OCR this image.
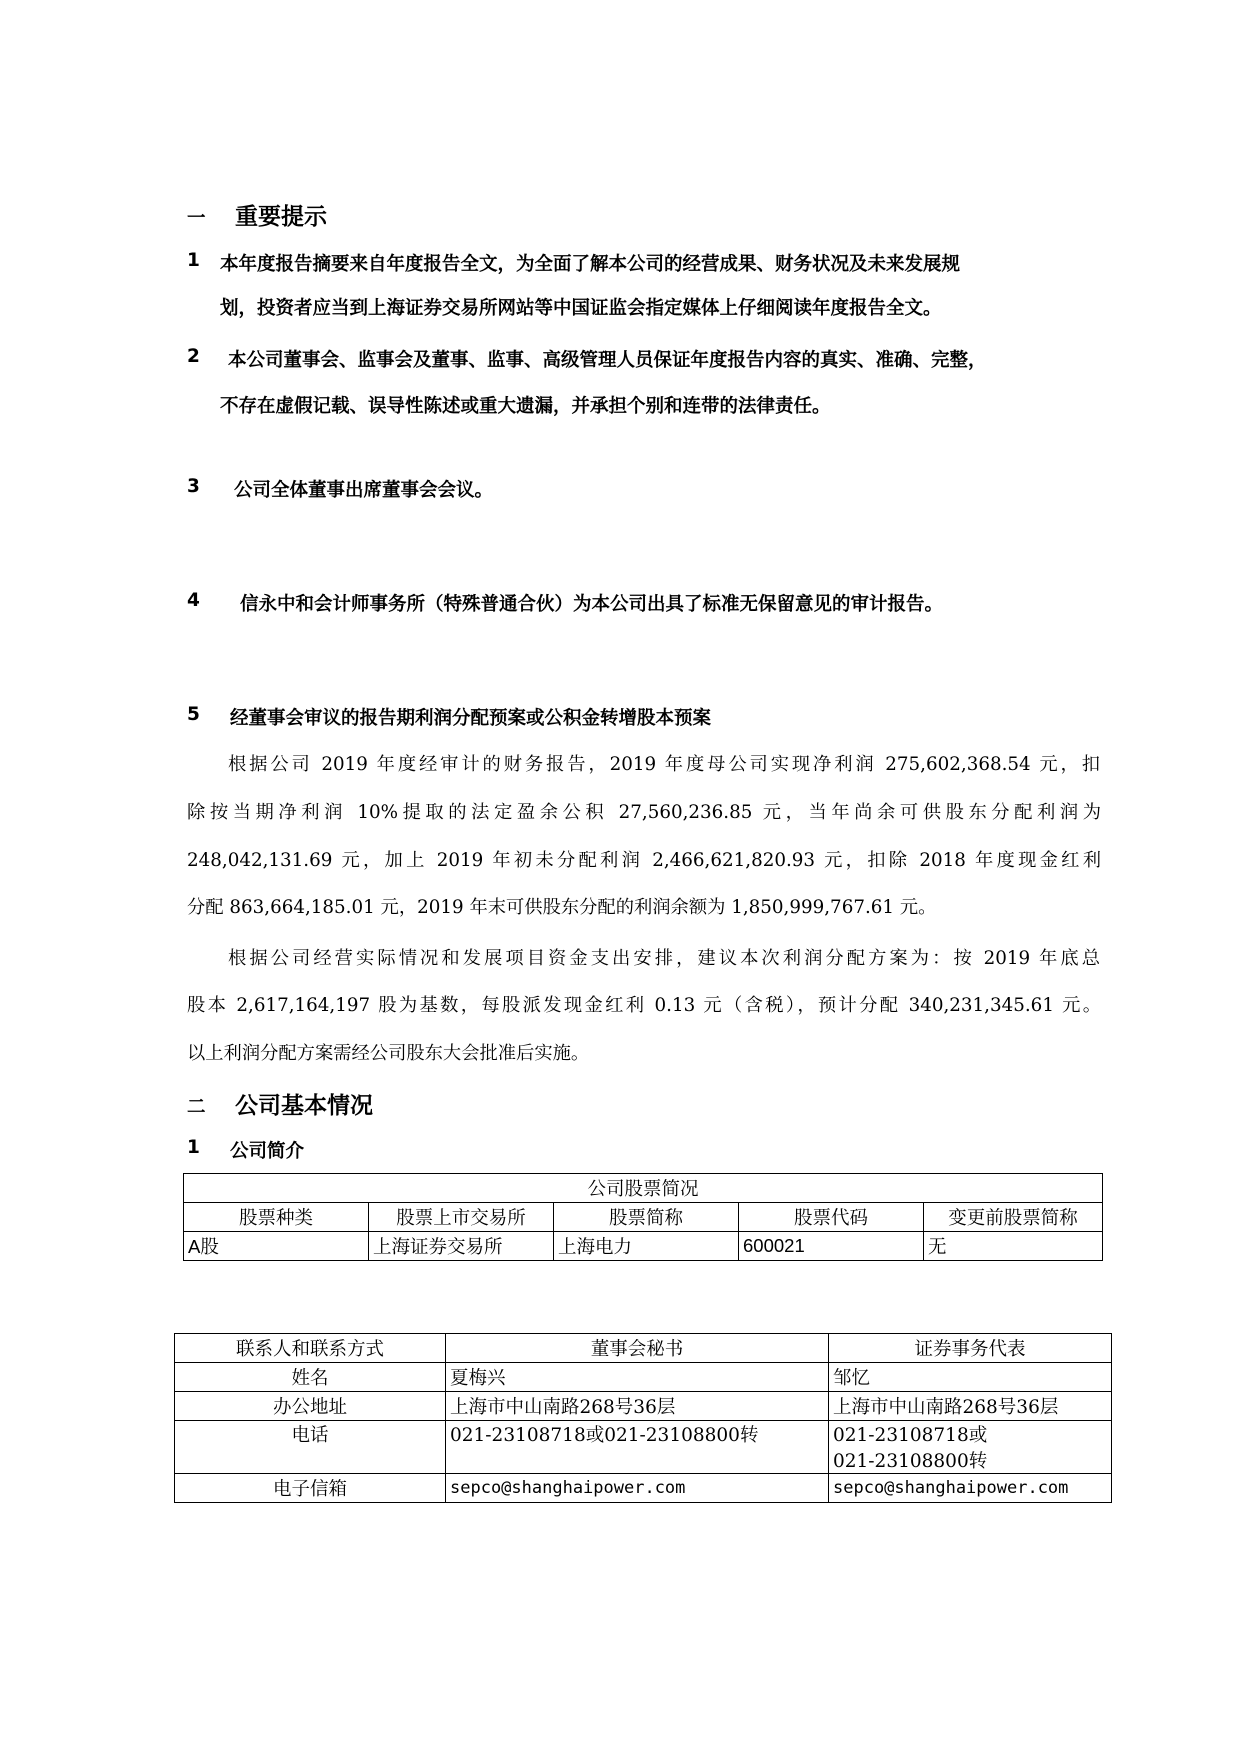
一 重要提示
1 本年度报告摘要来自年度报告全文，为全面了解本公司的经营成果、财务状况及未来发展规
划，投资者应当到上海证券交易所网站等中国证监会指定媒体上仔细阅读年度报告全文。
2 本公司董事会、监事会及董事、监事、高级管理人员保证年度报告内容的真实、准确、完整，
不存在虚假记载、误导性陈述或重大遗漏，并承担个别和连带的法律责任。
3 公司全体董事出席董事会会议。
4 信永中和会计师事务所（特殊普通合伙）为本公司出具了标准无保留意见的审计报告。
5 经董事会审议的报告期利润分配预案或公积金转增股本预案
根据公司 2019 年度经审计的财务报告，2019 年度母公司实现净利润 275,602,368.54 元，扣
除按当期净利润 10%提取的法定盈余公积 27,560,236.85 元，当年尚余可供股东分配利润为
248,042,131.69 元，加上 2019 年初未分配利润 2,466,621,820.93 元，扣除 2018 年度现金红利
分配 863,664,185.01 元，2019 年末可供股东分配的利润余额为 1,850,999,767.61 元。
根据公司经营实际情况和发展项目资金支出安排，建议本次利润分配方案为：按 2019 年底总
股本 2,617,164,197 股为基数，每股派发现金红利 0.13 元（含税），预计分配 340,231,345.61 元。
以上利润分配方案需经公司股东大会批准后实施。
二 公司基本情况
1 公司简介
公司股票简况				
股票种类	股票上市交易所	股票简称	股票代码	变更前股票简称
A股	上海证券交易所	上海电力	600021	无
联系人和联系方式	董事会秘书	证券事务代表
姓名	夏梅兴	邹忆
办公地址	上海市中山南路268号36层	上海市中山南路268号36层
电话	021-23108718或021-23108800转	021-23108718或
021-23108800转

电子信箱	sepco@shanghaipower.com	sepco@shanghaipower.com
